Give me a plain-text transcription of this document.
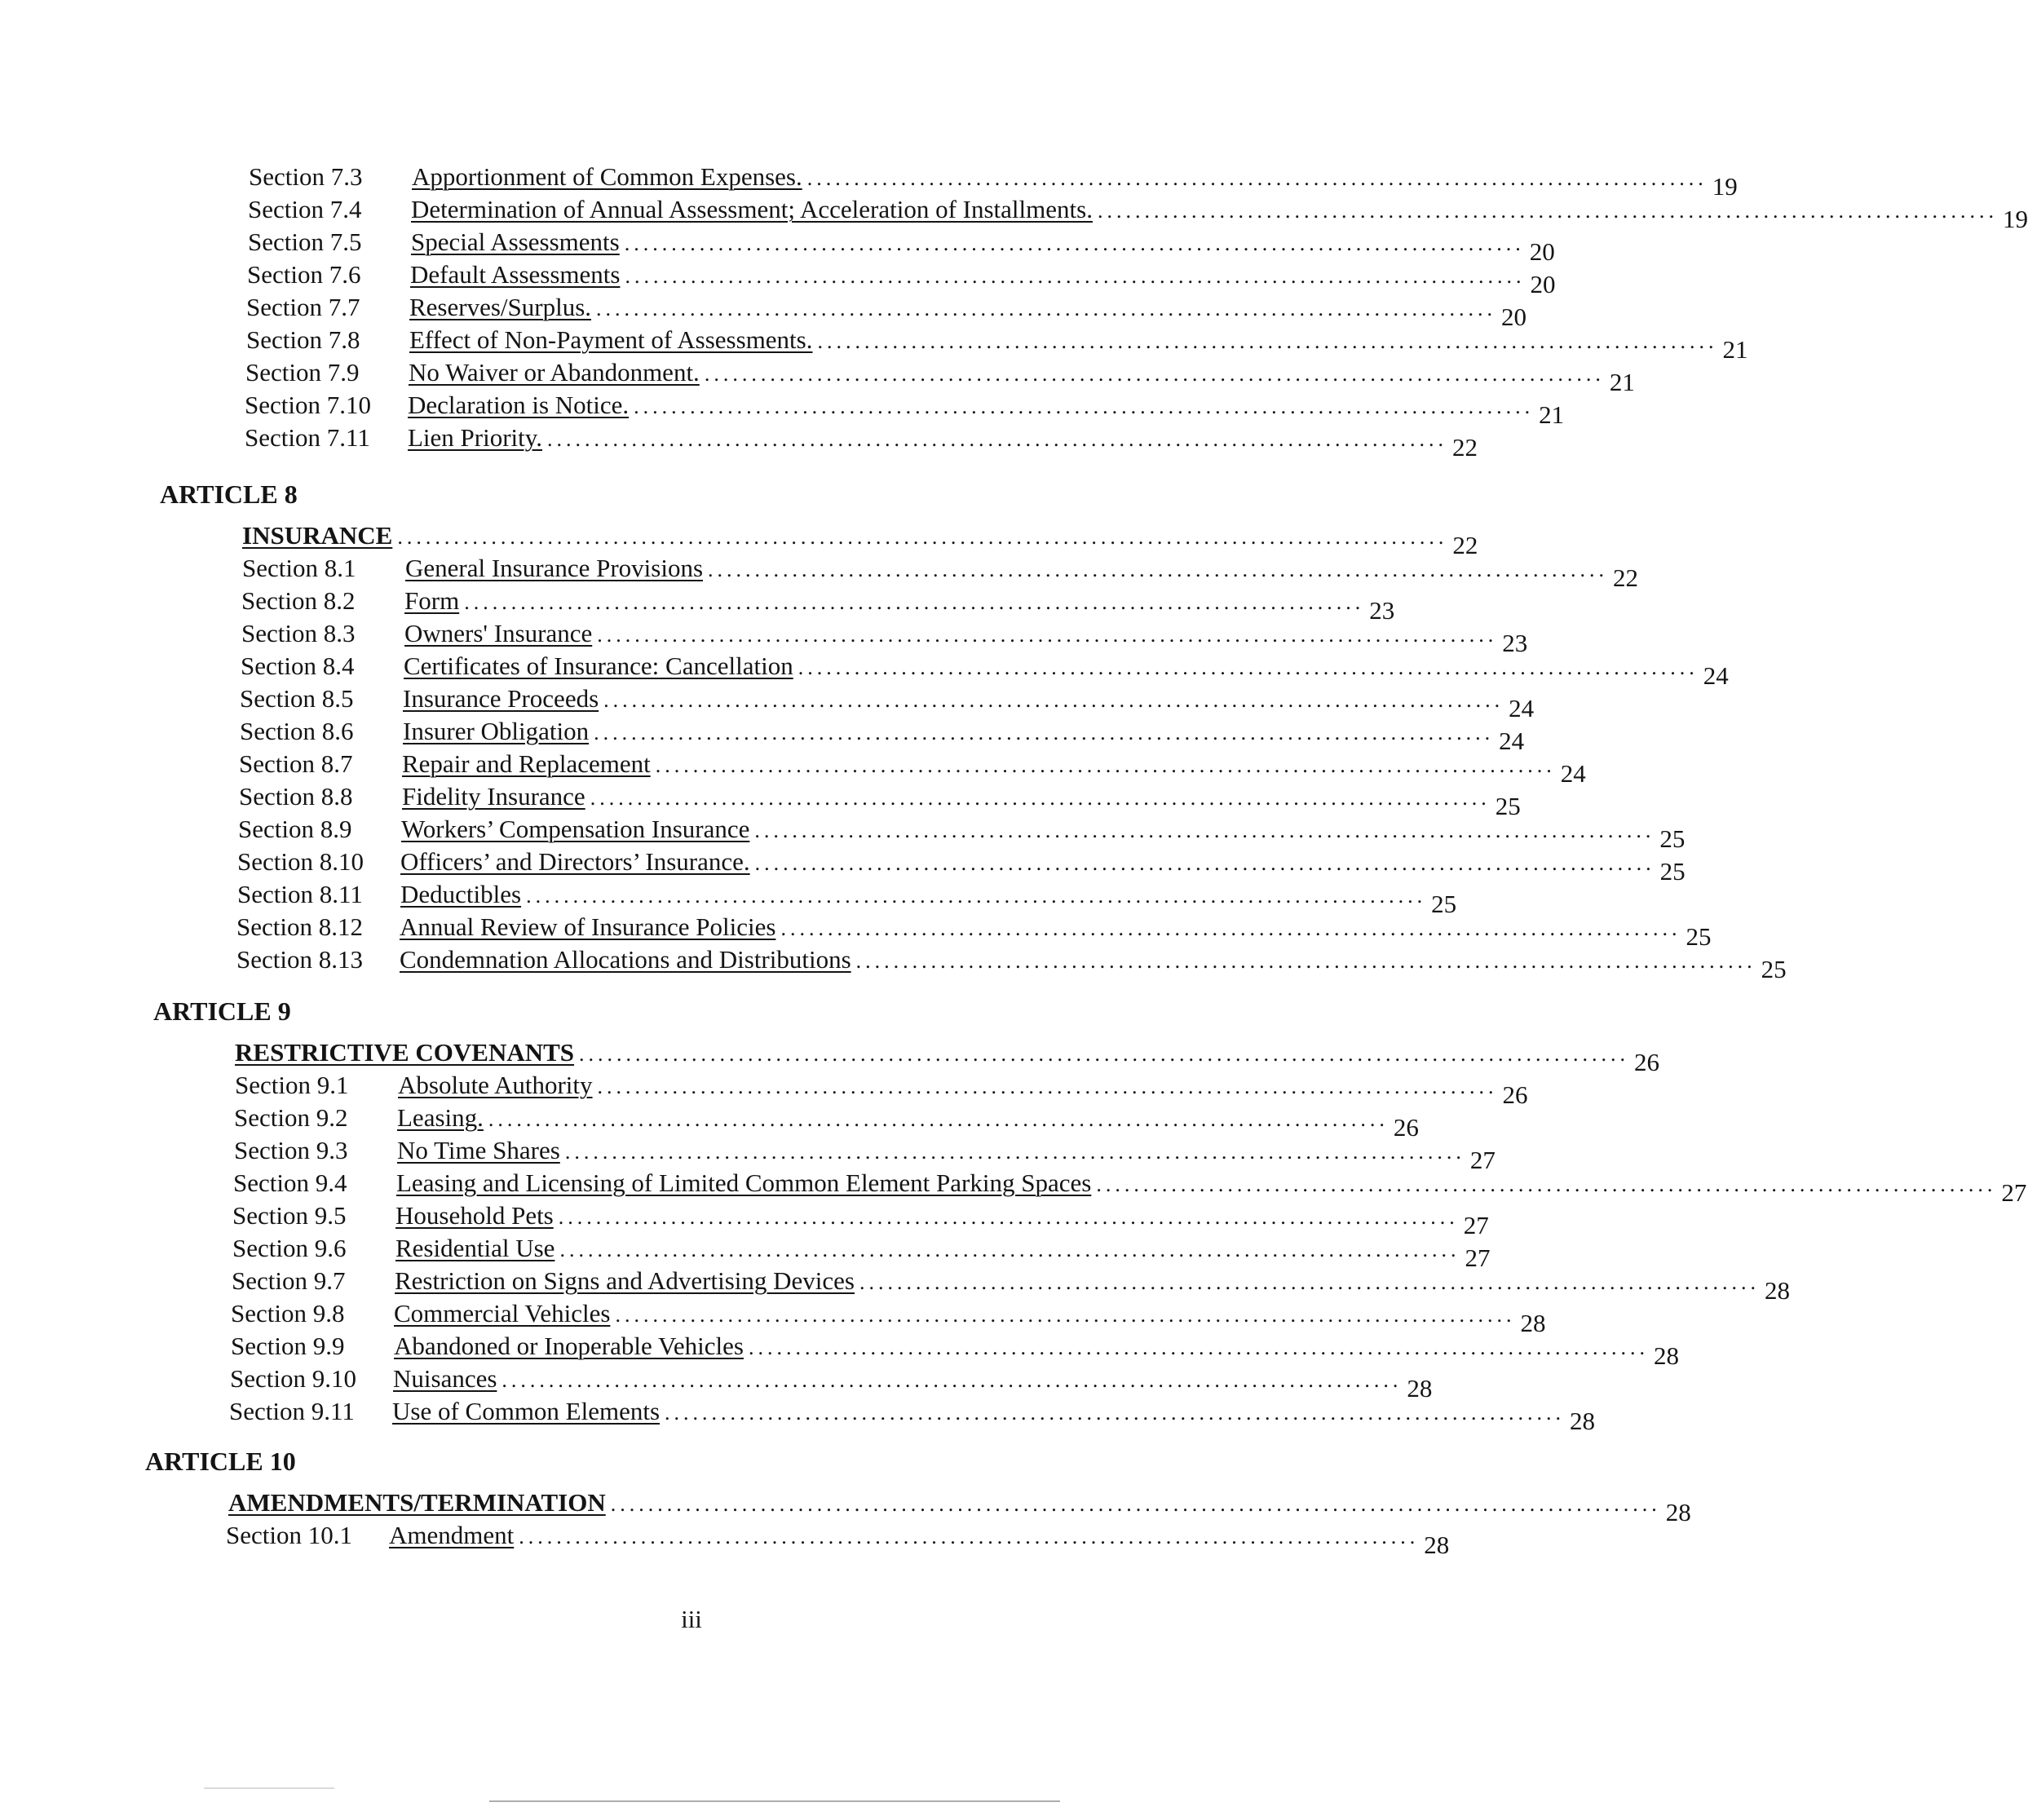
Section 7.3	Apportionment of Common Expenses. ................................................................................................ 19
Section 7.4	Determination of Annual Assessment; Acceleration of Installments. ................................................................................................ 19
Section 7.5	Special Assessments ................................................................................................ 20
Section 7.6	Default Assessments ................................................................................................ 20
Section 7.7	Reserves/Surplus. ................................................................................................ 20
Section 7.8	Effect of Non-Payment of Assessments. ................................................................................................ 21
Section 7.9	No Waiver or Abandonment. ................................................................................................ 21
Section 7.10	Declaration is Notice. ................................................................................................ 21
Section 7.11	Lien Priority. ................................................................................................ 22
ARTICLE 8
INSURANCE ................................................................................................................ 22
Section 8.1	General Insurance Provisions ................................................................................................ 22
Section 8.2	Form ................................................................................................ 23
Section 8.3	Owners' Insurance ................................................................................................ 23
Section 8.4	Certificates of Insurance: Cancellation ................................................................................................ 24
Section 8.5	Insurance Proceeds ................................................................................................ 24
Section 8.6	Insurer Obligation ................................................................................................ 24
Section 8.7	Repair and Replacement ................................................................................................ 24
Section 8.8	Fidelity Insurance ................................................................................................ 25
Section 8.9	Workers’ Compensation Insurance ................................................................................................ 25
Section 8.10	Officers’ and Directors’ Insurance. ................................................................................................ 25
Section 8.11	Deductibles ................................................................................................ 25
Section 8.12	Annual Review of Insurance Policies ................................................................................................ 25
Section 8.13	Condemnation Allocations and Distributions ................................................................................................ 25
ARTICLE 9
RESTRICTIVE COVENANTS ................................................................................................................ 26
Section 9.1	Absolute Authority ................................................................................................ 26
Section 9.2	Leasing. ................................................................................................ 26
Section 9.3	No Time Shares ................................................................................................ 27
Section 9.4	Leasing and Licensing of Limited Common Element Parking Spaces ................................................................................................ 27
Section 9.5	Household Pets ................................................................................................ 27
Section 9.6	Residential Use ................................................................................................ 27
Section 9.7	Restriction on Signs and Advertising Devices ................................................................................................ 28
Section 9.8	Commercial Vehicles ................................................................................................ 28
Section 9.9	Abandoned or Inoperable Vehicles ................................................................................................ 28
Section 9.10	Nuisances ................................................................................................ 28
Section 9.11	Use of Common Elements ................................................................................................ 28
ARTICLE 10
AMENDMENTS/TERMINATION ................................................................................................................ 28
Section 10.1	Amendment ................................................................................................ 28
iii
